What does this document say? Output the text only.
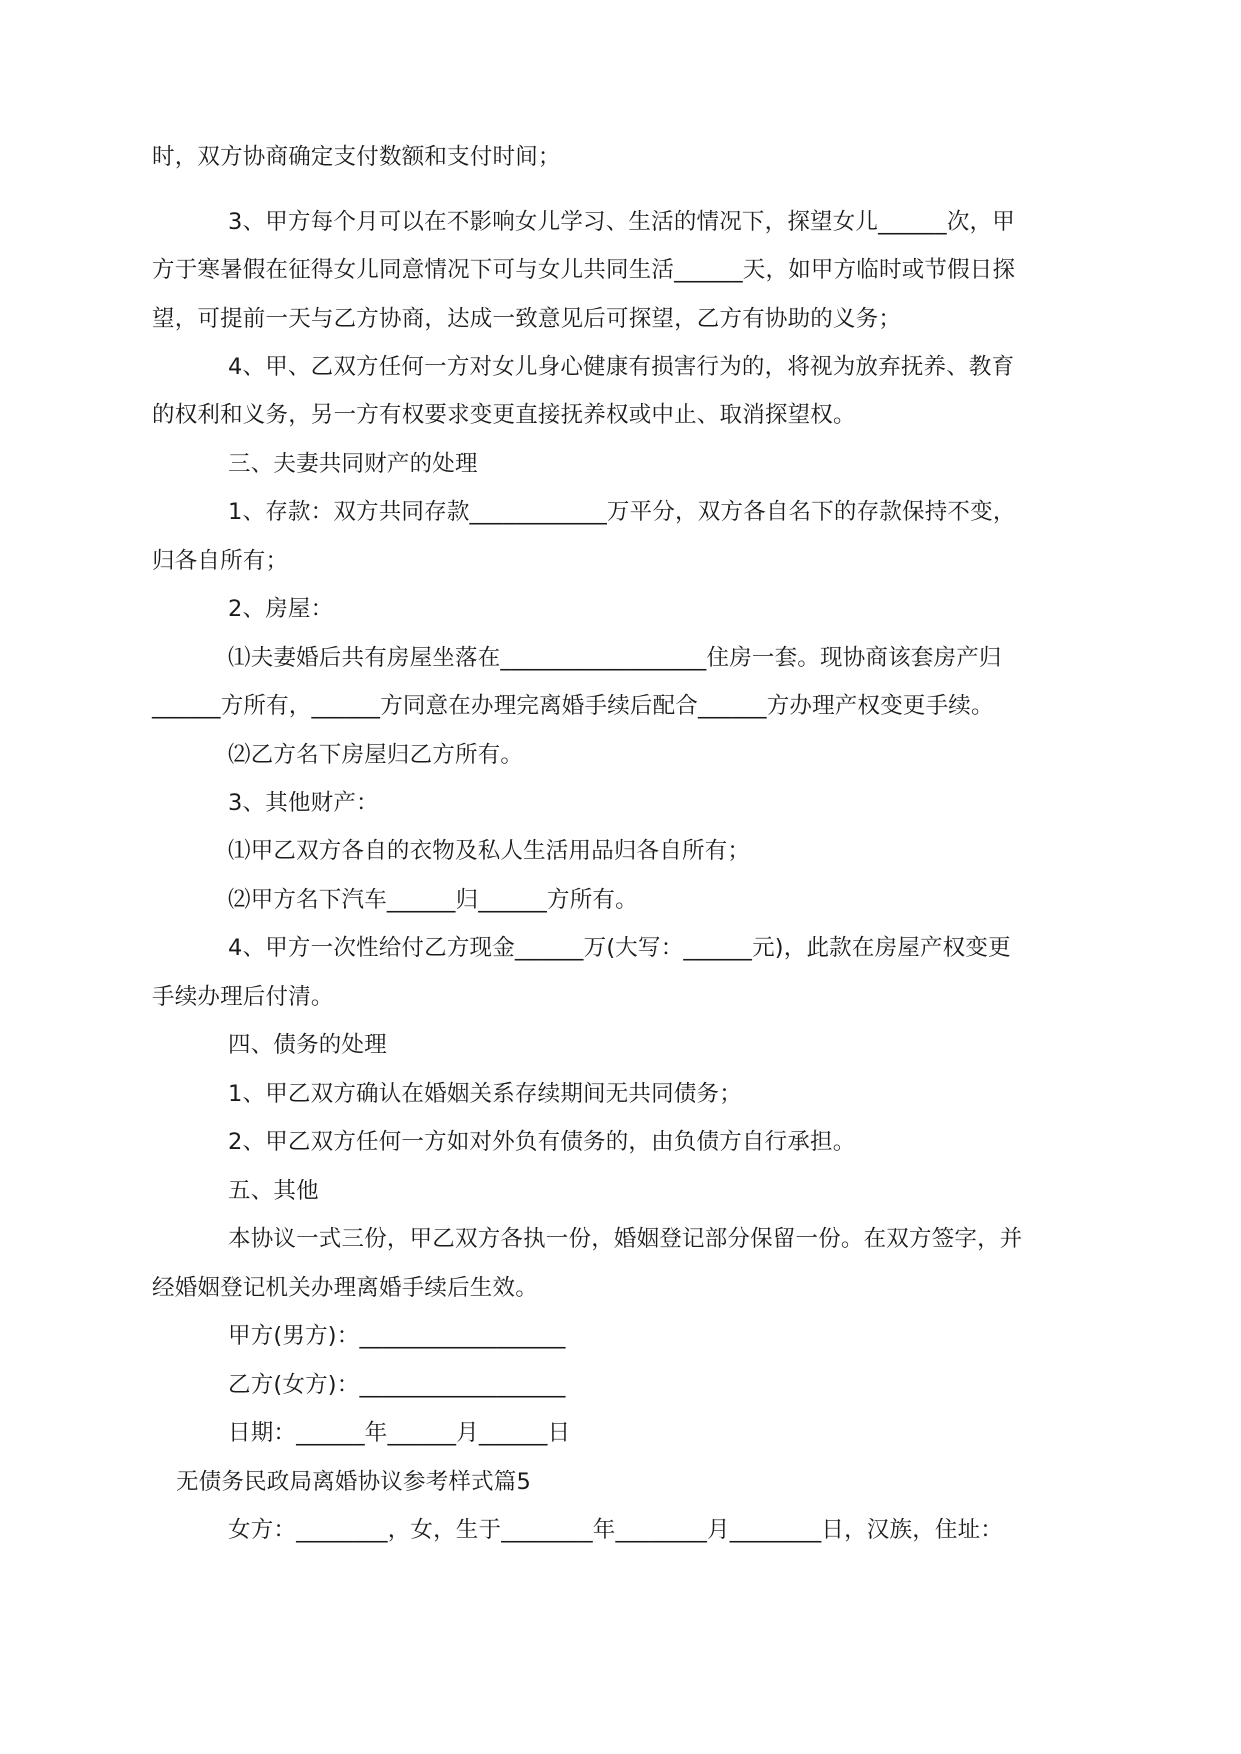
时，双方协商确定支付数额和支付时间；
3、甲方每个月可以在不影响女儿学习、生活的情况下，探望女儿______次，甲
方于寒暑假在征得女儿同意情况下可与女儿共同生活______天，如甲方临时或节假日探
望，可提前一天与乙方协商，达成一致意见后可探望，乙方有协助的义务；
4、甲、乙双方任何一方对女儿身心健康有损害行为的，将视为放弃抚养、教育
的权利和义务，另一方有权要求变更直接抚养权或中止、取消探望权。
三、夫妻共同财产的处理
1、存款：双方共同存款____________万平分，双方各自名下的存款保持不变，
归各自所有；
2、房屋：
⑴夫妻婚后共有房屋坐落在__________________住房一套。现协商该套房产归
______方所有，______方同意在办理完离婚手续后配合______方办理产权变更手续。
⑵乙方名下房屋归乙方所有。
3、其他财产：
⑴甲乙双方各自的衣物及私人生活用品归各自所有；
⑵甲方名下汽车______归______方所有。
4、甲方一次性给付乙方现金______万(大写：______元)，此款在房屋产权变更
手续办理后付清。
四、债务的处理
1、甲乙双方确认在婚姻关系存续期间无共同债务；
2、甲乙双方任何一方如对外负有债务的，由负债方自行承担。
五、其他
本协议一式三份，甲乙双方各执一份，婚姻登记部分保留一份。在双方签字，并
经婚姻登记机关办理离婚手续后生效。
甲方(男方)：__________________
乙方(女方)：__________________
日期：______年______月______日
无债务民政局离婚协议参考样式篇5
女方：________，女，生于________年________月________日，汉族，住址：
